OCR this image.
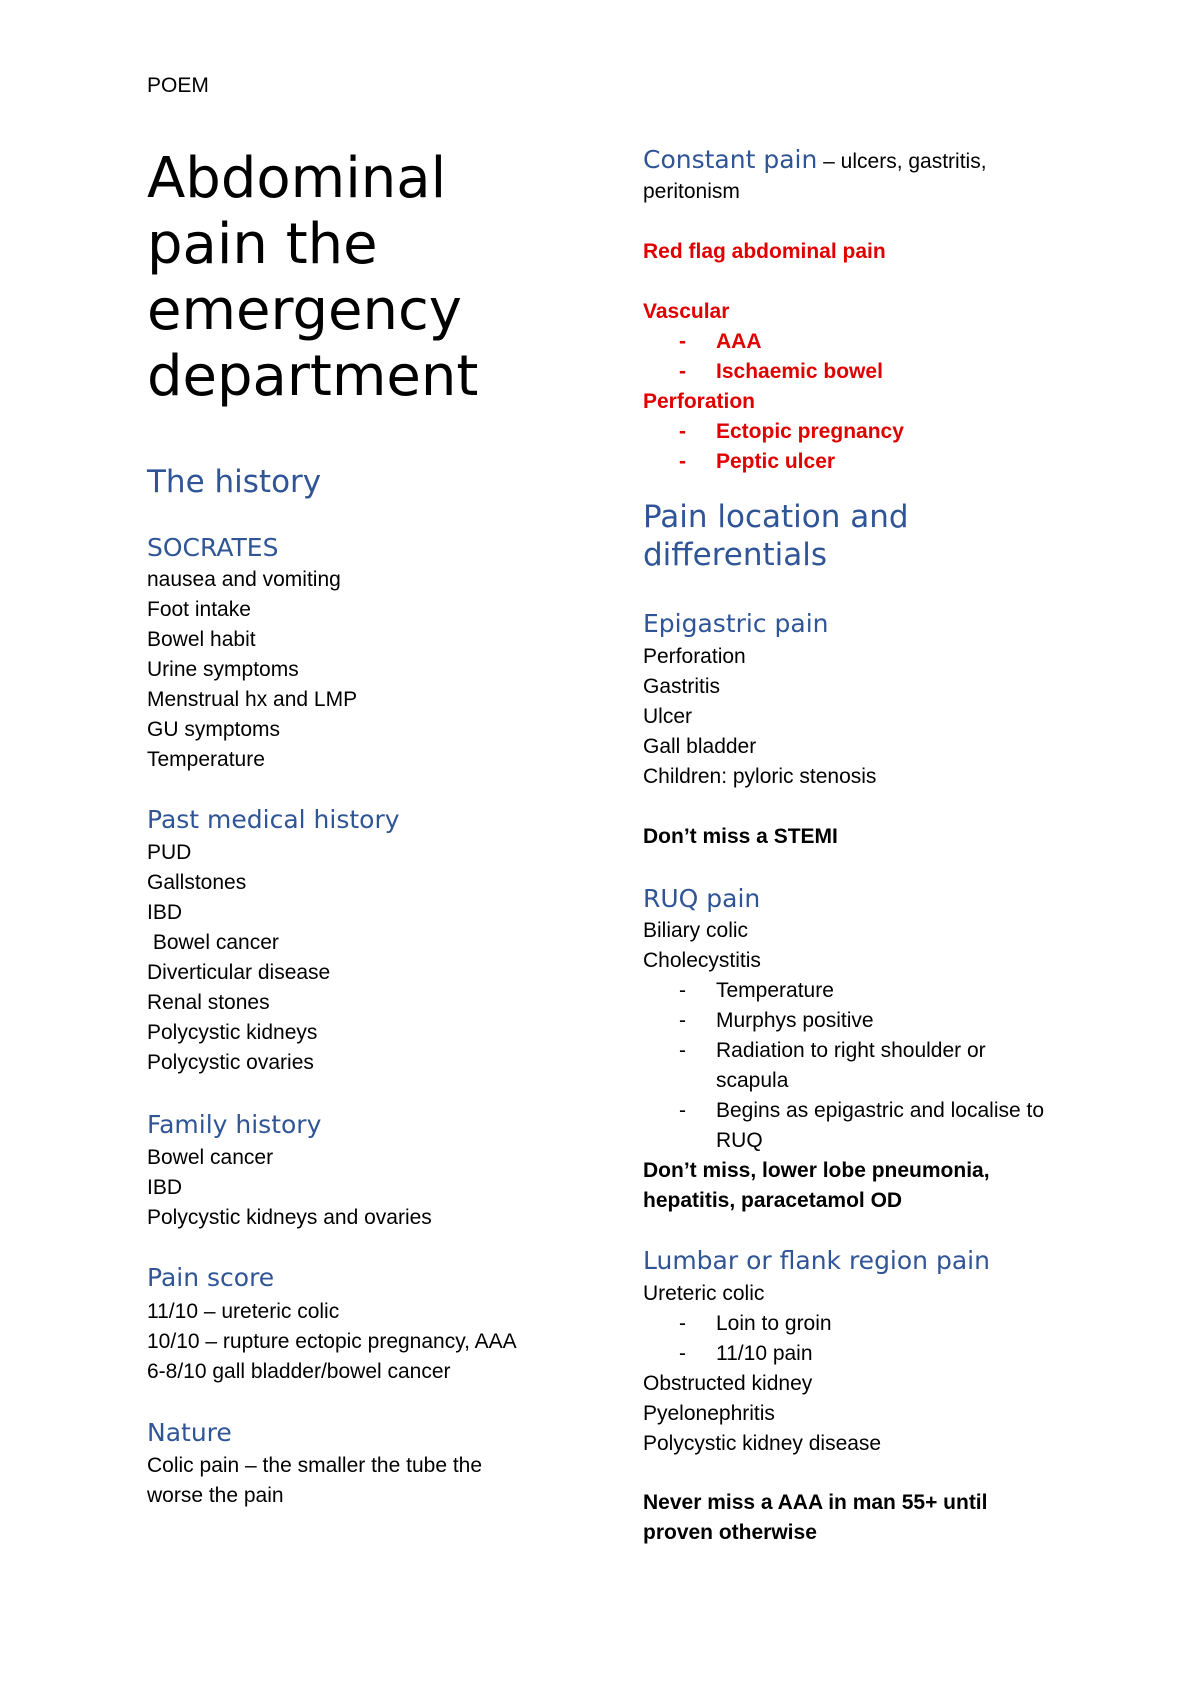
POEM
Abdominal pain the emergency department
The history
SOCRATES
nausea and vomiting
Foot intake
Bowel habit
Urine symptoms
Menstrual hx and LMP
GU symptoms
Temperature
Past medical history
PUD
Gallstones
IBD
Bowel cancer
Diverticular disease
Renal stones
Polycystic kidneys
Polycystic ovaries
Family history
Bowel cancer
IBD
Polycystic kidneys and ovaries
Pain score
11/10 – ureteric colic
10/10 – rupture ectopic pregnancy, AAA
6-8/10 gall bladder/bowel cancer
Nature
Colic pain – the smaller the tube the worse the pain
Constant pain – ulcers, gastritis, peritonism
Red flag abdominal pain
Vascular
- AAA
- Ischaemic bowel
Perforation
- Ectopic pregnancy
- Peptic ulcer
Pain location and differentials
Epigastric pain
Perforation
Gastritis
Ulcer
Gall bladder
Children: pyloric stenosis
Don’t miss a STEMI
RUQ pain
Biliary colic
Cholecystitis
- Temperature
- Murphys positive
- Radiation to right shoulder or scapula
- Begins as epigastric and localise to RUQ
Don’t miss, lower lobe pneumonia, hepatitis, paracetamol OD
Lumbar or flank region pain
Ureteric colic
- Loin to groin
- 11/10 pain
Obstructed kidney
Pyelonephritis
Polycystic kidney disease
Never miss a AAA in man 55+ until proven otherwise
